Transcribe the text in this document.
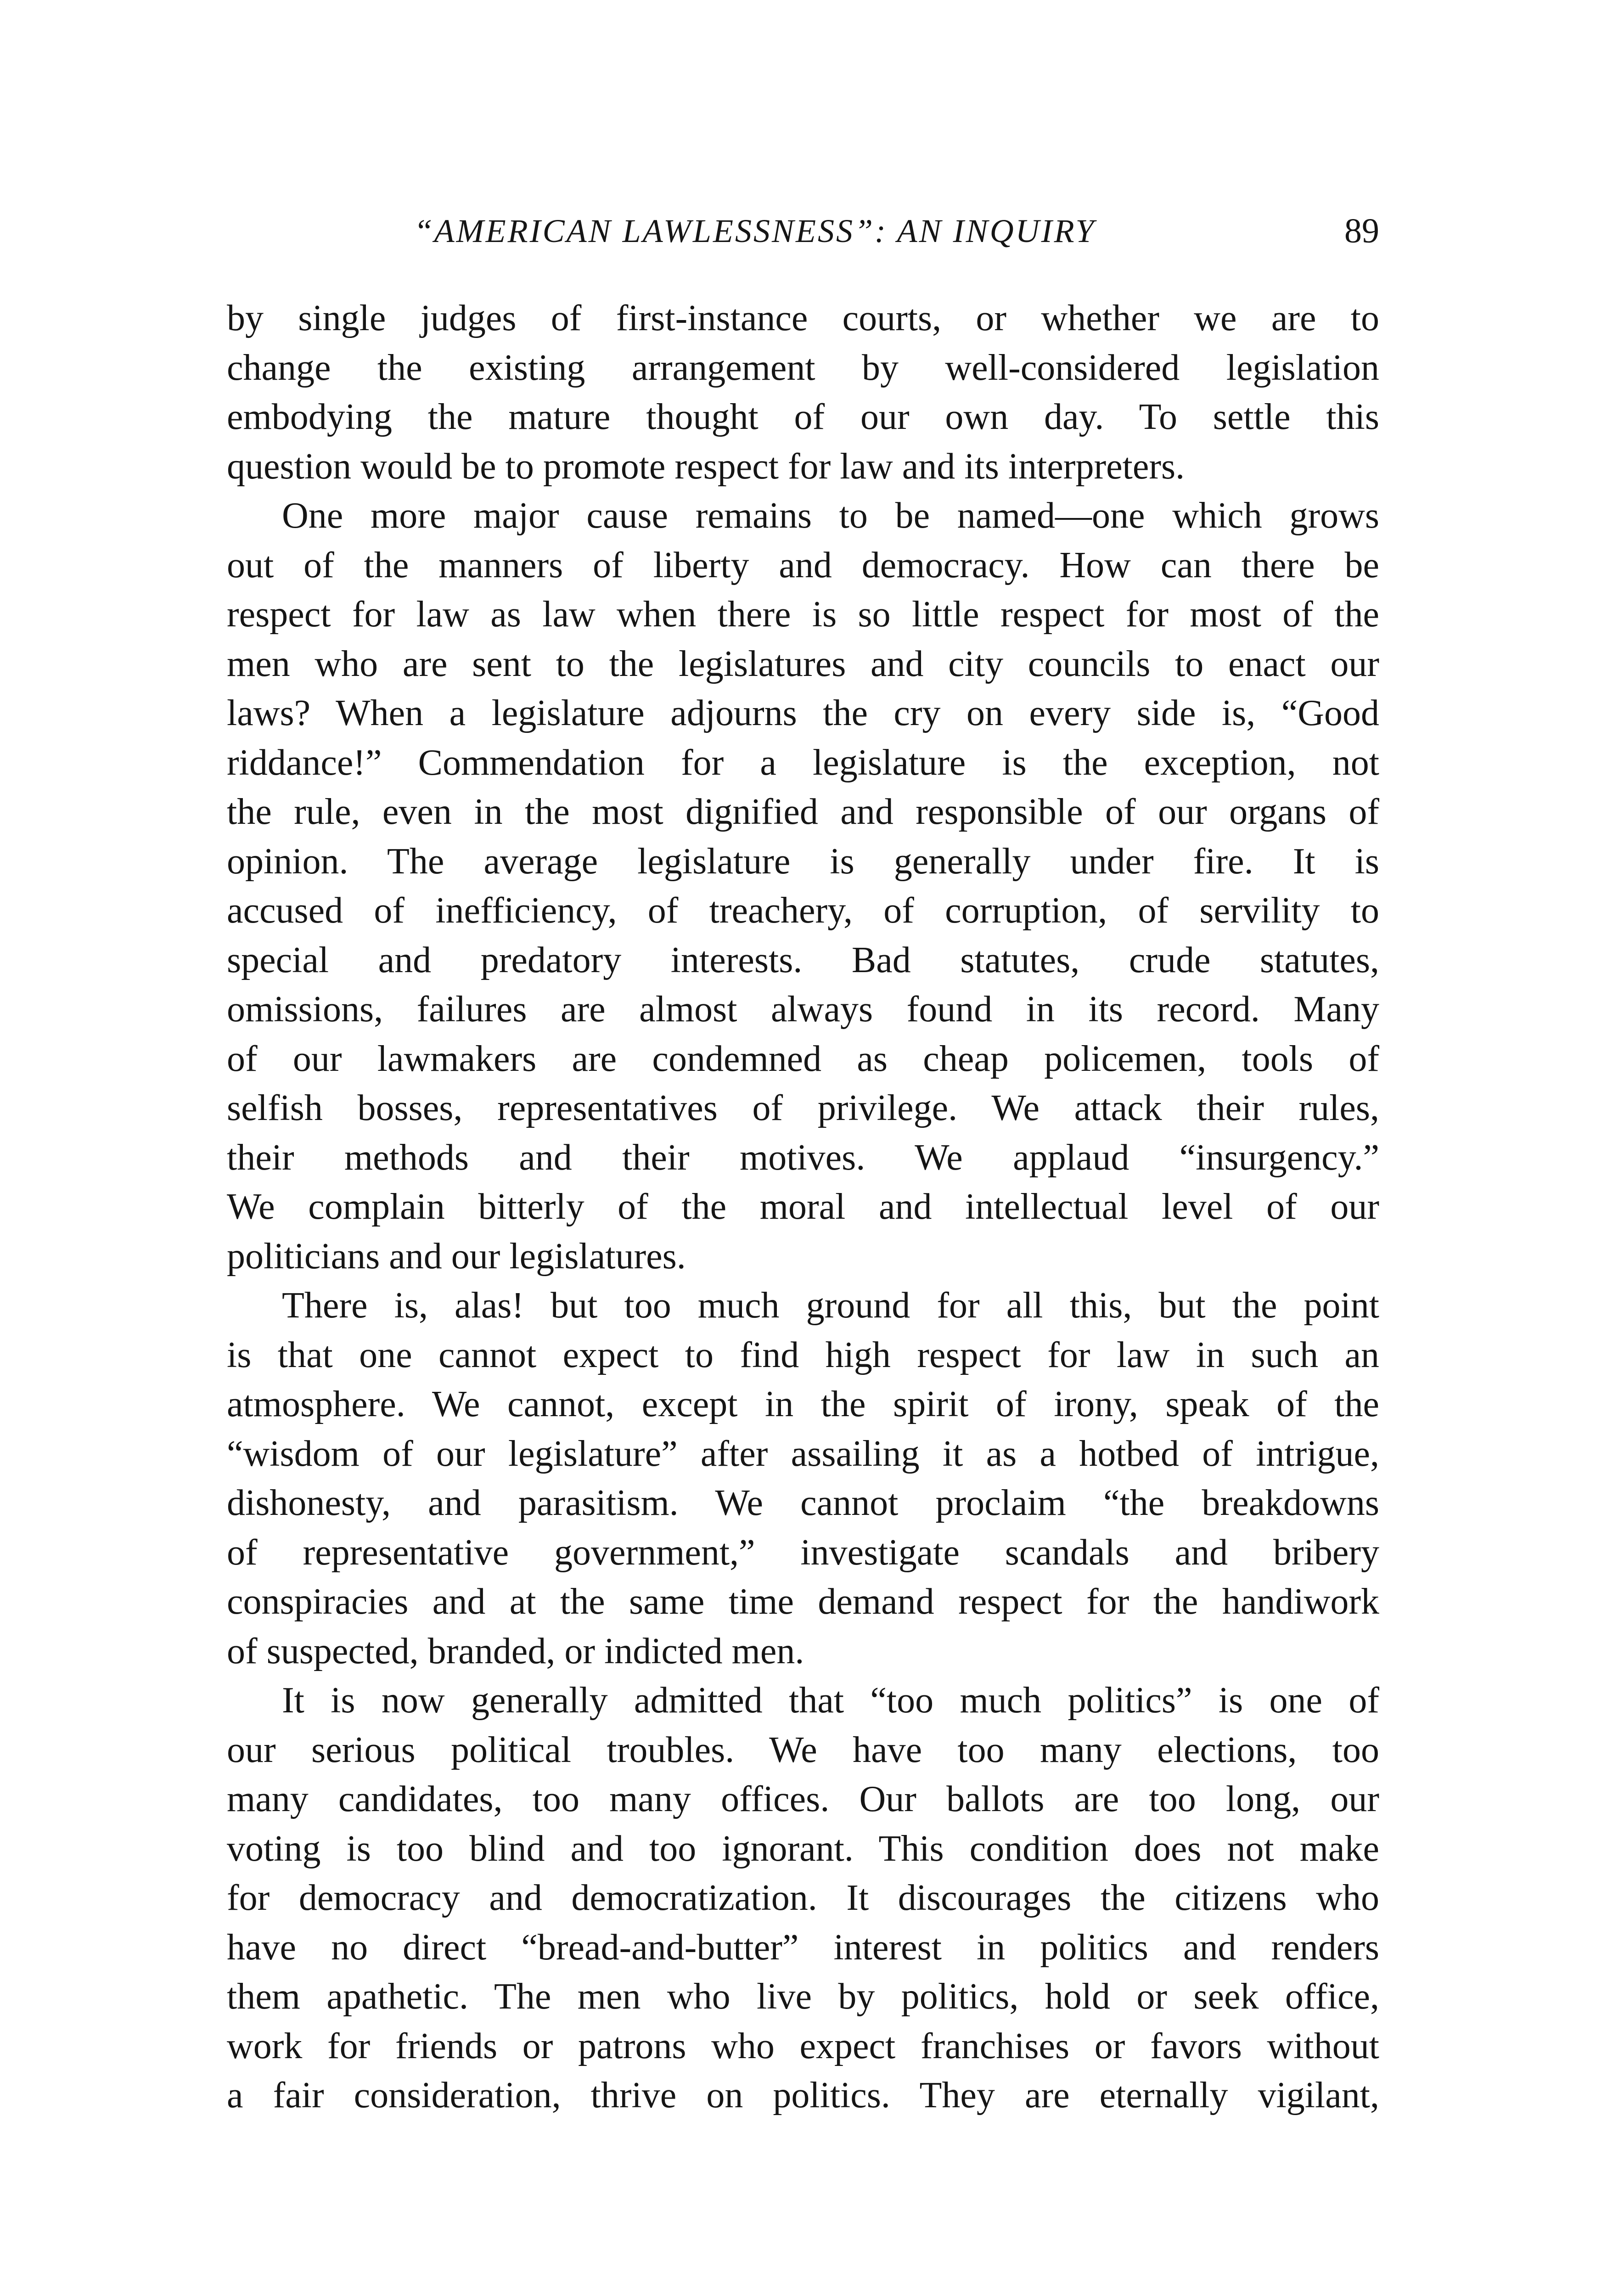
“AMERICAN LAWLESSNESS”: AN INQUIRY	89
by single judges of first-instance courts, or whether we are to
change the existing arrangement by well-considered legislation
embodying the mature thought of our own day. To settle this
question would be to promote respect for law and its interpreters.
One more major cause remains to be named—one which grows
out of the manners of liberty and democracy. How can there be
respect for law as law when there is so little respect for most of the
men who are sent to the legislatures and city councils to enact our
laws? When a legislature adjourns the cry on every side is, “Good
riddance!” Commendation for a legislature is the exception, not
the rule, even in the most dignified and responsible of our organs of
opinion. The average legislature is generally under fire. It is
accused of inefficiency, of treachery, of corruption, of servility to
special and predatory interests. Bad statutes, crude statutes,
omissions, failures are almost always found in its record. Many
of our lawmakers are condemned as cheap policemen, tools of
selfish bosses, representatives of privilege. We attack their rules,
their methods and their motives. We applaud “insurgency.”
We complain bitterly of the moral and intellectual level of our
politicians and our legislatures.
There is, alas! but too much ground for all this, but the point
is that one cannot expect to find high respect for law in such an
atmosphere. We cannot, except in the spirit of irony, speak of the
“wisdom of our legislature” after assailing it as a hotbed of intrigue,
dishonesty, and parasitism. We cannot proclaim “the breakdowns
of representative government,” investigate scandals and bribery
conspiracies and at the same time demand respect for the handiwork
of suspected, branded, or indicted men.
It is now generally admitted that “too much politics” is one of
our serious political troubles. We have too many elections, too
many candidates, too many offices. Our ballots are too long, our
voting is too blind and too ignorant. This condition does not make
for democracy and democratization. It discourages the citizens who
have no direct “bread-and-butter” interest in politics and renders
them apathetic. The men who live by politics, hold or seek office,
work for friends or patrons who expect franchises or favors without
a fair consideration, thrive on politics. They are eternally vigilant,
